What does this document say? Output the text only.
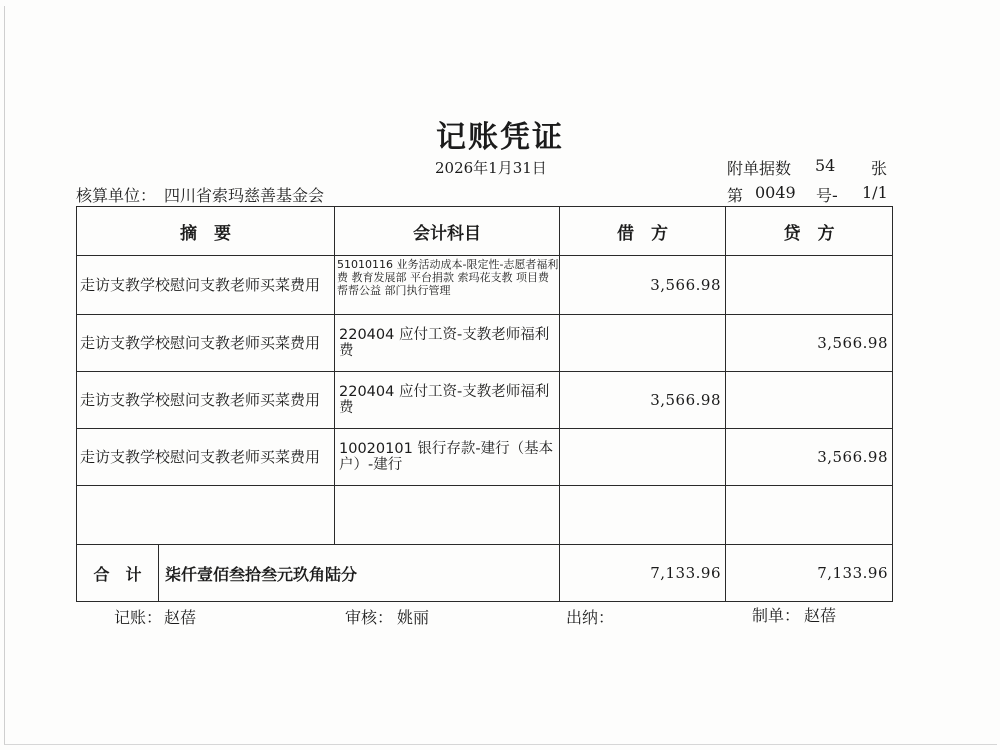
记账凭证
2026年1月31日	附单据数 54 张
核算单位： 四川省索玛慈善基金会	第 0049 号- 1/1
摘　要		会计科目	借　方	贷　方
走访支教学校慰问支教老师买菜费用		51010116 业务活动成本-限定性-志愿者福利费 教育发展部 平台捐款 索玛花支教 项目费 帮帮公益 部门执行管理	3,566.98	
走访支教学校慰问支教老师买菜费用		220404 应付工资-支教老师福利费		3,566.98
走访支教学校慰问支教老师买菜费用		220404 应付工资-支教老师福利费	3,566.98	
走访支教学校慰问支教老师买菜费用		10020101 银行存款-建行（基本户）-建行		3,566.98

合　计	柒仟壹佰叁拾叁元玖角陆分		7,133.96	7,133.96
记账： 赵蓓	审核： 姚丽	出纳：	制单： 赵蓓
